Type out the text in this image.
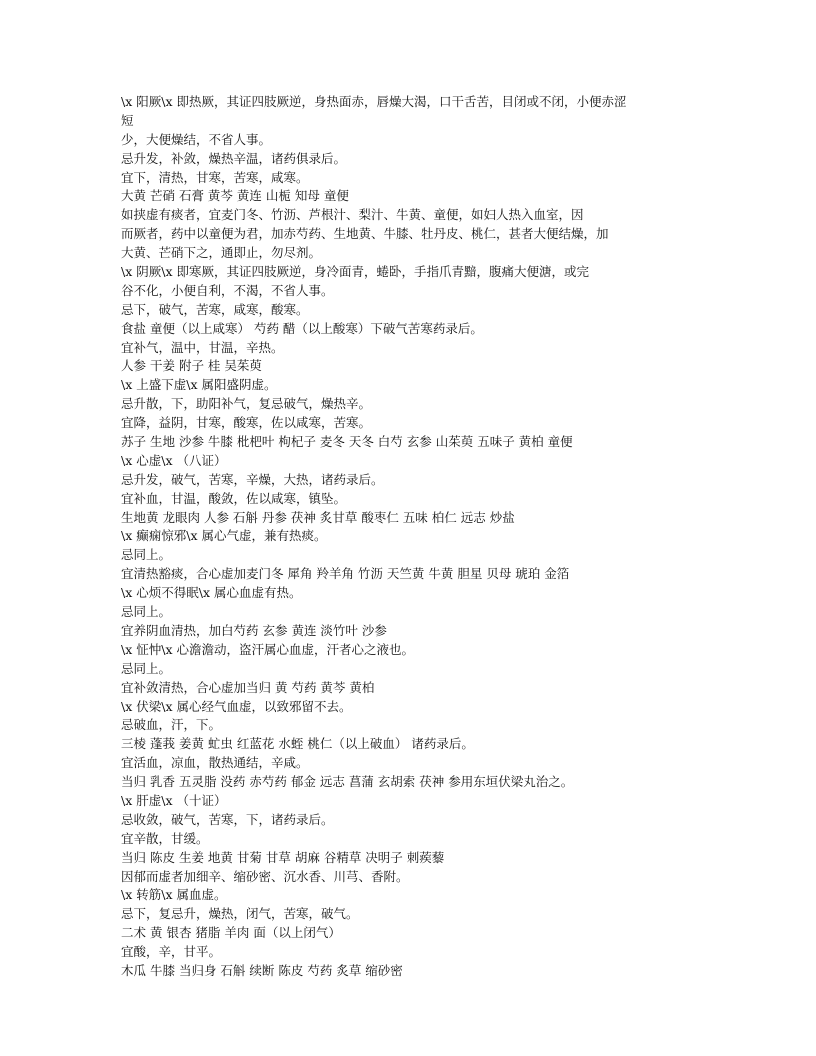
\x 阳厥\x 即热厥，其证四肢厥逆，身热面赤，唇燥大渴，口干舌苦，目闭或不闭，小便赤涩
短
少，大便燥结，不省人事。
忌升发，补敛，燥热辛温，诸药俱录后。
宜下，清热，甘寒，苦寒，咸寒。
大黄 芒硝 石膏 黄芩 黄连 山栀 知母 童便
如挟虚有痰者，宜麦门冬、竹沥、芦根汁、梨汁、牛黄、童便，如妇人热入血室，因
而厥者，药中以童便为君，加赤芍药、生地黄、牛膝、牡丹皮、桃仁，甚者大便结燥，加
大黄、芒硝下之，通即止，勿尽剂。
\x 阴厥\x 即寒厥，其证四肢厥逆，身冷面青，蜷卧，手指爪青黯，腹痛大便溏，或完
谷不化，小便自利，不渴，不省人事。
忌下，破气，苦寒，咸寒，酸寒。
食盐 童便（以上咸寒） 芍药 醋（以上酸寒）下破气苦寒药录后。
宜补气，温中，甘温，辛热。
人参 干姜 附子 桂 吴茱萸
\x 上盛下虚\x 属阳盛阴虚。
忌升散，下，助阳补气，复忌破气，燥热辛。
宜降，益阴，甘寒，酸寒，佐以咸寒，苦寒。
苏子 生地 沙参 牛膝 枇杷叶 枸杞子 麦冬 天冬 白芍 玄参 山茱萸 五味子 黄柏 童便
\x 心虚\x （八证）
忌升发，破气，苦寒，辛燥，大热，诸药录后。
宜补血，甘温，酸敛，佐以咸寒，镇坠。
生地黄 龙眼肉 人参 石斛 丹参 茯神 炙甘草 酸枣仁 五味 柏仁 远志 炒盐
\x 癫痫惊邪\x 属心气虚，兼有热痰。
忌同上。
宜清热豁痰，合心虚加麦门冬 犀角 羚羊角 竹沥 天竺黄 牛黄 胆星 贝母 琥珀 金箔
\x 心烦不得眠\x 属心血虚有热。
忌同上。
宜养阴血清热，加白芍药 玄参 黄连 淡竹叶 沙参
\x 怔忡\x 心澹澹动，盗汗属心血虚，汗者心之液也。
忌同上。
宜补敛清热，合心虚加当归 黄 芍药 黄芩 黄柏
\x 伏梁\x 属心经气血虚，以致邪留不去。
忌破血，汗，下。
三棱 蓬莪 姜黄 虻虫 红蓝花 水蛭 桃仁（以上破血） 诸药录后。
宜活血，凉血，散热通结，辛咸。
当归 乳香 五灵脂 没药 赤芍药 郁金 远志 菖蒲 玄胡索 茯神 参用东垣伏梁丸治之。
\x 肝虚\x （十证）
忌收敛，破气，苦寒，下，诸药录后。
宜辛散，甘缓。
当归 陈皮 生姜 地黄 甘菊 甘草 胡麻 谷精草 决明子 刺蒺藜
因郁而虚者加细辛、缩砂密、沉水香、川芎、香附。
\x 转筋\x 属血虚。
忌下，复忌升，燥热，闭气，苦寒，破气。
二术 黄 银杏 猪脂 羊肉 面（以上闭气）
宜酸，辛，甘平。
木瓜 牛膝 当归身 石斛 续断 陈皮 芍药 炙草 缩砂密
